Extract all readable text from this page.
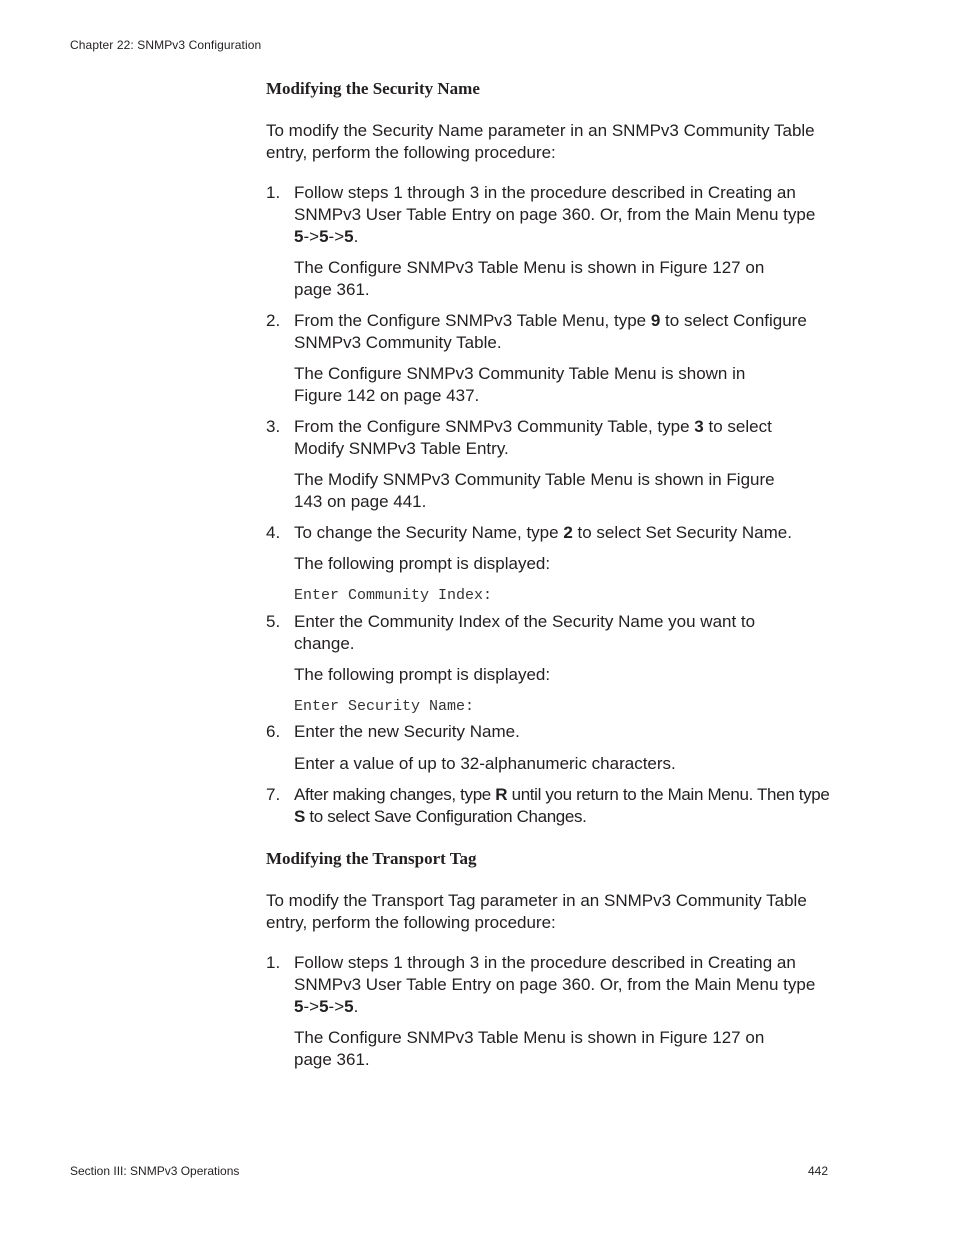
Chapter 22: SNMPv3 Configuration
Modifying the Security Name
To modify the Security Name parameter in an SNMPv3 Community Table entry, perform the following procedure:
1. Follow steps 1 through 3 in the procedure described in Creating an SNMPv3 User Table Entry on page 360. Or, from the Main Menu type 5->5->5.
The Configure SNMPv3 Table Menu is shown in Figure 127 on page 361.
2. From the Configure SNMPv3 Table Menu, type 9 to select Configure SNMPv3 Community Table.
The Configure SNMPv3 Community Table Menu is shown in Figure 142 on page 437.
3. From the Configure SNMPv3 Community Table, type 3 to select Modify SNMPv3 Table Entry.
The Modify SNMPv3 Community Table Menu is shown in Figure 143 on page 441.
4. To change the Security Name, type 2 to select Set Security Name.
The following prompt is displayed:
Enter Community Index:
5. Enter the Community Index of the Security Name you want to change.
The following prompt is displayed:
Enter Security Name:
6. Enter the new Security Name.
Enter a value of up to 32-alphanumeric characters.
7. After making changes, type R until you return to the Main Menu. Then type S to select Save Configuration Changes.
Modifying the Transport Tag
To modify the Transport Tag parameter in an SNMPv3 Community Table entry, perform the following procedure:
1. Follow steps 1 through 3 in the procedure described in Creating an SNMPv3 User Table Entry on page 360. Or, from the Main Menu type 5->5->5.
The Configure SNMPv3 Table Menu is shown in Figure 127 on page 361.
Section III: SNMPv3 Operations	442
